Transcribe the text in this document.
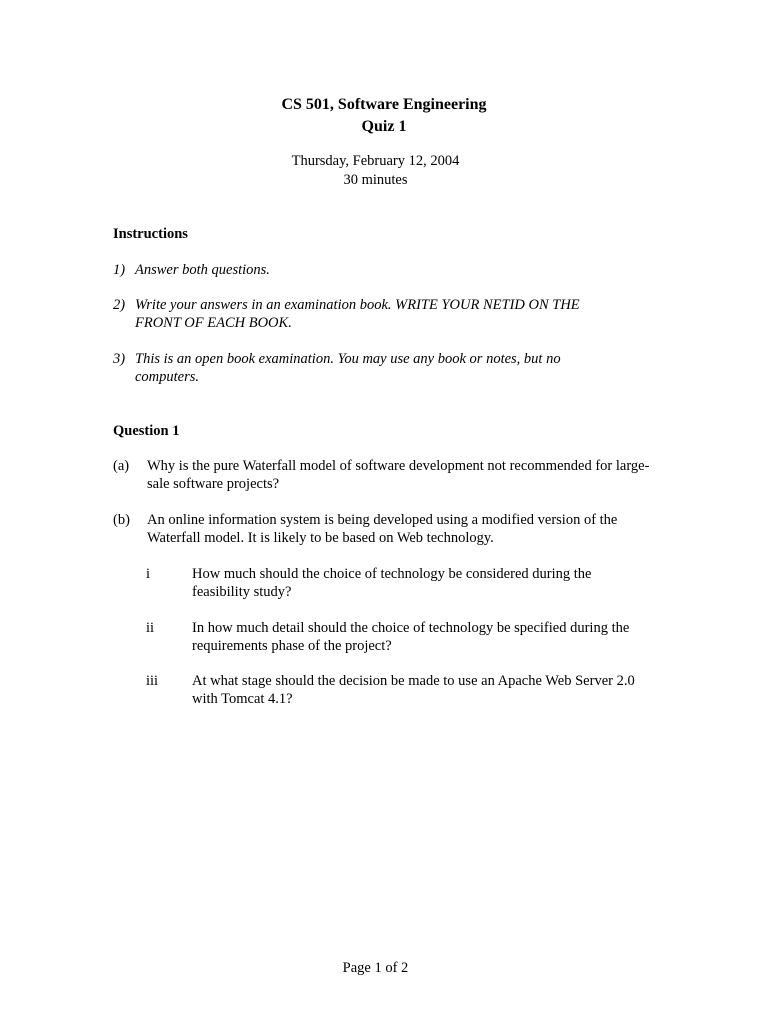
CS 501, Software Engineering
Quiz 1
Thursday, February 12, 2004
30 minutes
Instructions
1) Answer both questions.
2) Write your answers in an examination book. WRITE YOUR NETID ON THE
FRONT OF EACH BOOK.
3) This is an open book examination. You may use any book or notes, but no
computers.
Question 1
(a) Why is the pure Waterfall model of software development not recommended for large-sale software projects?
(b) An online information system is being developed using a modified version of the Waterfall model. It is likely to be based on Web technology.
i	How much should the choice of technology be considered during the feasibility study?
ii	In how much detail should the choice of technology be specified during the requirements phase of the project?
iii At what stage should the decision be made to use an Apache Web Server 2.0 with Tomcat 4.1?
Page 1 of 2
